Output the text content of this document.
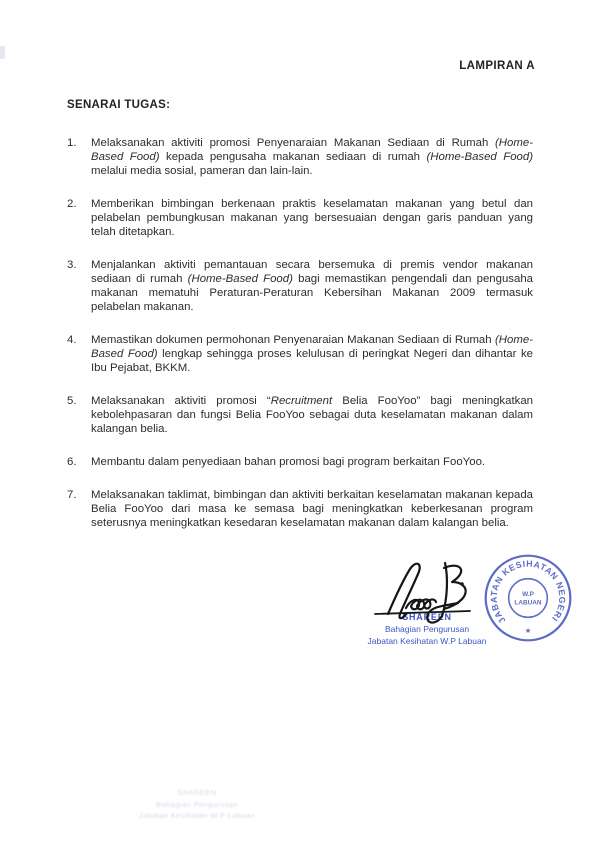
LAMPIRAN A
SENARAI TUGAS:
1.	Melaksanakan aktiviti promosi Penyenaraian Makanan Sediaan di Rumah (Home-Based Food) kepada pengusaha makanan sediaan di rumah (Home-Based Food) melalui media sosial, pameran dan lain-lain.

2.	Memberikan bimbingan berkenaan praktis keselamatan makanan yang betul dan pelabelan pembungkusan makanan yang bersesuaian dengan garis panduan yang telah ditetapkan.

3.	Menjalankan aktiviti pemantauan secara bersemuka di premis vendor makanan sediaan di rumah (Home-Based Food) bagi memastikan pengendali dan pengusaha makanan mematuhi Peraturan-Peraturan Kebersihan Makanan 2009 termasuk pelabelan makanan.

4.	Memastikan dokumen permohonan Penyenaraian Makanan Sediaan di Rumah (Home-Based Food) lengkap sehingga proses kelulusan di peringkat Negeri dan dihantar ke Ibu Pejabat, BKKM.

5.	Melaksanakan aktiviti promosi “Recruitment Belia FooYoo” bagi meningkatkan kebolehpasaran dan fungsi Belia FooYoo sebagai duta keselamatan makanan dalam kalangan belia.

6.	Membantu dalam penyediaan bahan promosi bagi program berkaitan FooYoo.

7.	Melaksanakan taklimat, bimbingan dan aktiviti berkaitan keselamatan makanan kepada Belia FooYoo dari masa ke semasa bagi meningkatkan keberkesanan program seterusnya meningkatkan kesedaran keselamatan makanan dalam kalangan belia.

SHAREEN
Bahagian Pengurusan
Jabatan Kesihatan W.P Labuan
JABATAN KESIHATAN NEGERI
W.P
LABUAN
★
SHAREEN
Bahagian Pengurusan
Jabatan Kesihatan W.P Labuan
